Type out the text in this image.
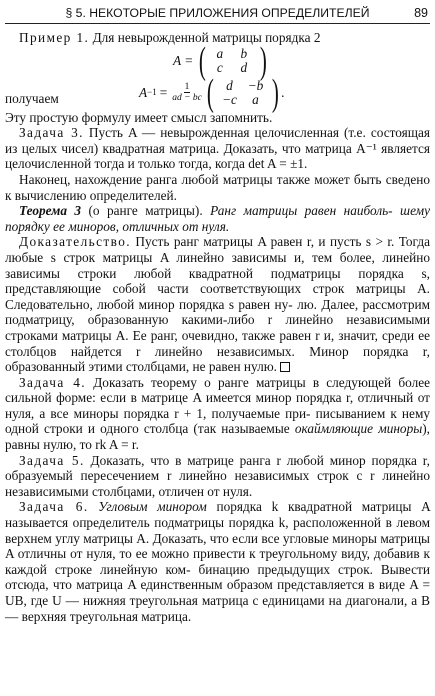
§ 5. НЕКОТОРЫЕ ПРИЛОЖЕНИЯ ОПРЕДЕЛИТЕЛЕЙ	89

Пример 1. Для невырожденной матрицы порядка 2

A = ( a	b
c	d )
получаем	$A -1 = \frac{1}{ad - bc}$ ( d	−b
−c	a ) .

Эту простую формулу имеет смысл запомнить.

Задача 3. Пусть A — невырожденная целочисленная (т.е. состоящая из целых чисел) квадратная матрица. Доказать, что матрица A⁻¹ является целочисленной тогда и только тогда, когда det A = ±1.

Наконец, нахождение ранга любой матрицы также может быть сведено к вычислению определителей.

Теорема 3 (о ранге матрицы). Ранг матрицы равен наиболь- шему порядку ее миноров, отличных от нуля.

Доказательство. Пусть ранг матрицы A равен r, и пусть s > r. Тогда любые s строк матрицы A линейно зависимы и, тем более, линейно зависимы строки любой квадратной подматрицы порядка s, представляющие собой части соответствующих строк матрицы A. Следовательно, любой минор порядка s равен ну- лю. Далее, рассмотрим подматрицу, образованную какими-либо r линейно независимыми строками матрицы A. Ее ранг, очевидно, также равен r и, значит, среди ее столбцов найдется r линейно независимых. Минор порядка r, образованный этими столбцами, не равен нулю.

Задача 4. Доказать теорему о ранге матрицы в следующей более сильной форме: если в матрице A имеется минор порядка r, отличный от нуля, а все миноры порядка r + 1, получаемые при- писыванием к нему одной строки и одного столбца (так называемые окаймляющие миноры), равны нулю, то rk A = r.

Задача 5. Доказать, что в матрице ранга r любой минор порядка r, образуемый пересечением r линейно независимых строк с r линейно независимыми столбцами, отличен от нуля.

Задача 6. Угловым минором порядка k квадратной матрицы A называется определитель подматрицы порядка k, расположенной в левом верхнем углу матрицы A. Доказать, что если все угловые миноры матрицы A отличны от нуля, то ее можно привести к треугольному виду, добавив к каждой строке линейную ком- бинацию предыдущих строк. Вывести отсюда, что матрица A единственным образом представляется в виде A = UB, где U — нижняя треугольная матрица с единицами на диагонали, а B — верхняя треугольная матрица.
